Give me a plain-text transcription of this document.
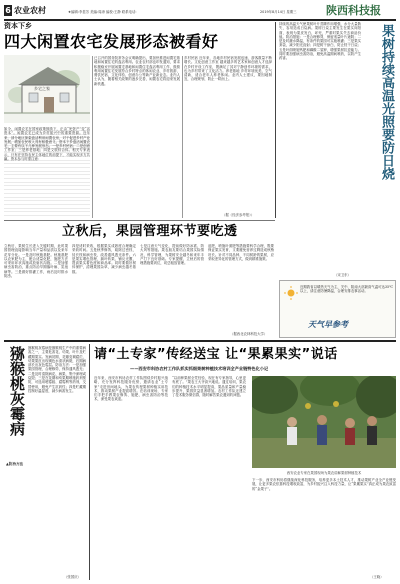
6 农业农村	★编辑:李显芳 美编:周涛 编校:王静 联系电话:	2019年8月14日 星期三	陕西科技报
资本下乡
四大闲置农宅发展形态被看好
乡宅之家
如今，闲置农宅在国家政策鼓励下，正由“死资产”变“活资本”。闲置农宅已成为乡村振兴中的重要资源。近年来，部分地区探索盘活利用闲置农房，对于促进乡村产业发展、增加农民收入具有积极意义。资本下乡盘活闲置农宅，主要有以下几种发展形态。一是乡村民宿；二是创意工作室；三是养老基地；四是文旅综合体。相关专家表示，只有在坚持农民主体地位的前提下，才能实现多方共赢。资本参与时需注意：
已召开的国务院常务会议明确提出，要加快推进闲置宅基地和闲置住宅的盘活利用。农业农村部也印发通知，要求积极稳妥开展闲置宅基地和闲置住宅盘活利用工作，鼓励利用闲置住宅发展符合乡村特点的休闲农业、乡村旅游、餐饮民宿、文化体验、创意办公等新产业新业态。业内人士认为，随着相关政策的逐步完善，闲置农宅将迎来发展新机遇。
乡村民宿 近年来，各地乡村民宿发展迅速，游客数量不断增长。文化创意工作室 越来越多的艺术家和创意人才选择在乡村开设工作室，既满足了其对宁静创作环境的需求，也为乡村带来了文化活力。养老基地 乡村环境优美、空气清新，适合老年人养老休闲。业内人士建议，要因地制宜，合理规划，防止一哄而上。
（据《经济参考报》）
持续的高温天气使果树叶片蒸腾作用增强，水分大量散失，容易造成日烧病。果树日烧主要发生在果实向阳面，表现为果皮发白、坏死，严重时果实失去商品价值。防治措施：一是合理修剪，保留适量叶片遮阴；二是及时灌水降温，有条件的果园可实施喷灌；三是果实套袋，减少阳光直射；四是树干涂白，防止枝干日烧；五是叶面喷施钙肥和磷酸二氢钾，增强果树抗逆能力。同时要加强病虫害防治，避免高温期间喷药，以防产生药害。	果树持续高温光照要防日烧
（宋卫东）
天气早参考
近期我省以晴热天气为主，关中、陕南大部最高气温可达35℃以上，请注意防暑降温，合理安排农事活动。
立秋后，果园管理环节要吃透
立秋后，果树生长进入关键时期，此时果园管理直接影响当年产量和品质以及来年花芽分化。一是及时秋施基肥。秋施基肥以农家肥为主，配合适量化肥，施肥方法可采用环状沟施或放射状沟施。二是加强病虫害防治，重点防治早期落叶病、炭疽病等。三是做好排灌工作，雨后及时排水防涝。
四是适时采收，根据果实成熟度合理确定采收时间。五是秋季修剪，疏除过密枝、徒长枝和病虫枝，改善通风透光条件。六是果实增色管理，摘叶转果、铺反光膜，提高果实着色度和商品率。同时要做好树体保护，清理果园杂草，减少病虫越冬基数。
七是注意天气变化，提前做好防冰雹、防大风等措施。果农朋友要结合果园实际情况，科学管理，为果树安全越冬和来年丰产打下良好基础。专家提醒，立秋后的管理措施要到位，切忌粗放管理。
追肥、喷施叶面肥等措施要科学合理，既要保证果实发育，又要避免营养过剩造成秋梢旺长。针对不同品种、不同树龄的果树，应采取差异化的管理方式，做到精准施策。
（据西北农林科技大学）
猕猴桃灰霉病 猕猴桃灰霉病是猕猴桃生产中的重要病害之一，主要危害花、幼果、叶片及贮藏期果实。发病初期，花瓣变褐腐烂，幼果果皮出现褐色水渍状病斑，后期病部长出灰色霉层。防治方法：一是加强果园管理，合理修剪，保持通风透光；二是及时清除病花、病果，集中深埋或烧毁；三是在花期和幼果期喷施药剂预防，可选用嘧霉胺、腐霉利等药剂，交替使用，避免产生抗药性；四是贮藏期控制好温湿度，减少病害发生。
▲防治方法
（张国庆）
请“土专家”传经送宝 让“果累果实”说话
——西安市科协农村工作队抓实抓细果树种植技术培训全产业链特色化小记
近年来，西安市科协农村工作队围绕乡村振兴战略，充分发挥科技服务优势，邀请农业“土专家”走进田间地头，为果农传授果树种植实用技术，推动果树产业提质增效。在培训现场，专家们手把手教果农修剪、施肥、病虫害防治等技术，深受果农欢迎。
“以前种果树全凭经验，现在有专家指导，心里更有底了。”果农王大爷高兴地说。通过培训，果农们的种植技术水平明显提高，果品质量和产量稳步提升，果园效益显著增加。农村工作队还建立了技术服务微信群，随时解答果农遇到的问题。
西安农业专家在果园现场为果农讲解果树种植技术
下一步，西安市科协将继续深化科技服务，培养更多本土技术人才，推动果树产业全产业链发展，让更多果农依靠科技增收致富，为乡村振兴注入科技力量，让“果累果实”真正成为果农致富的“金果子”。
（王晓）
